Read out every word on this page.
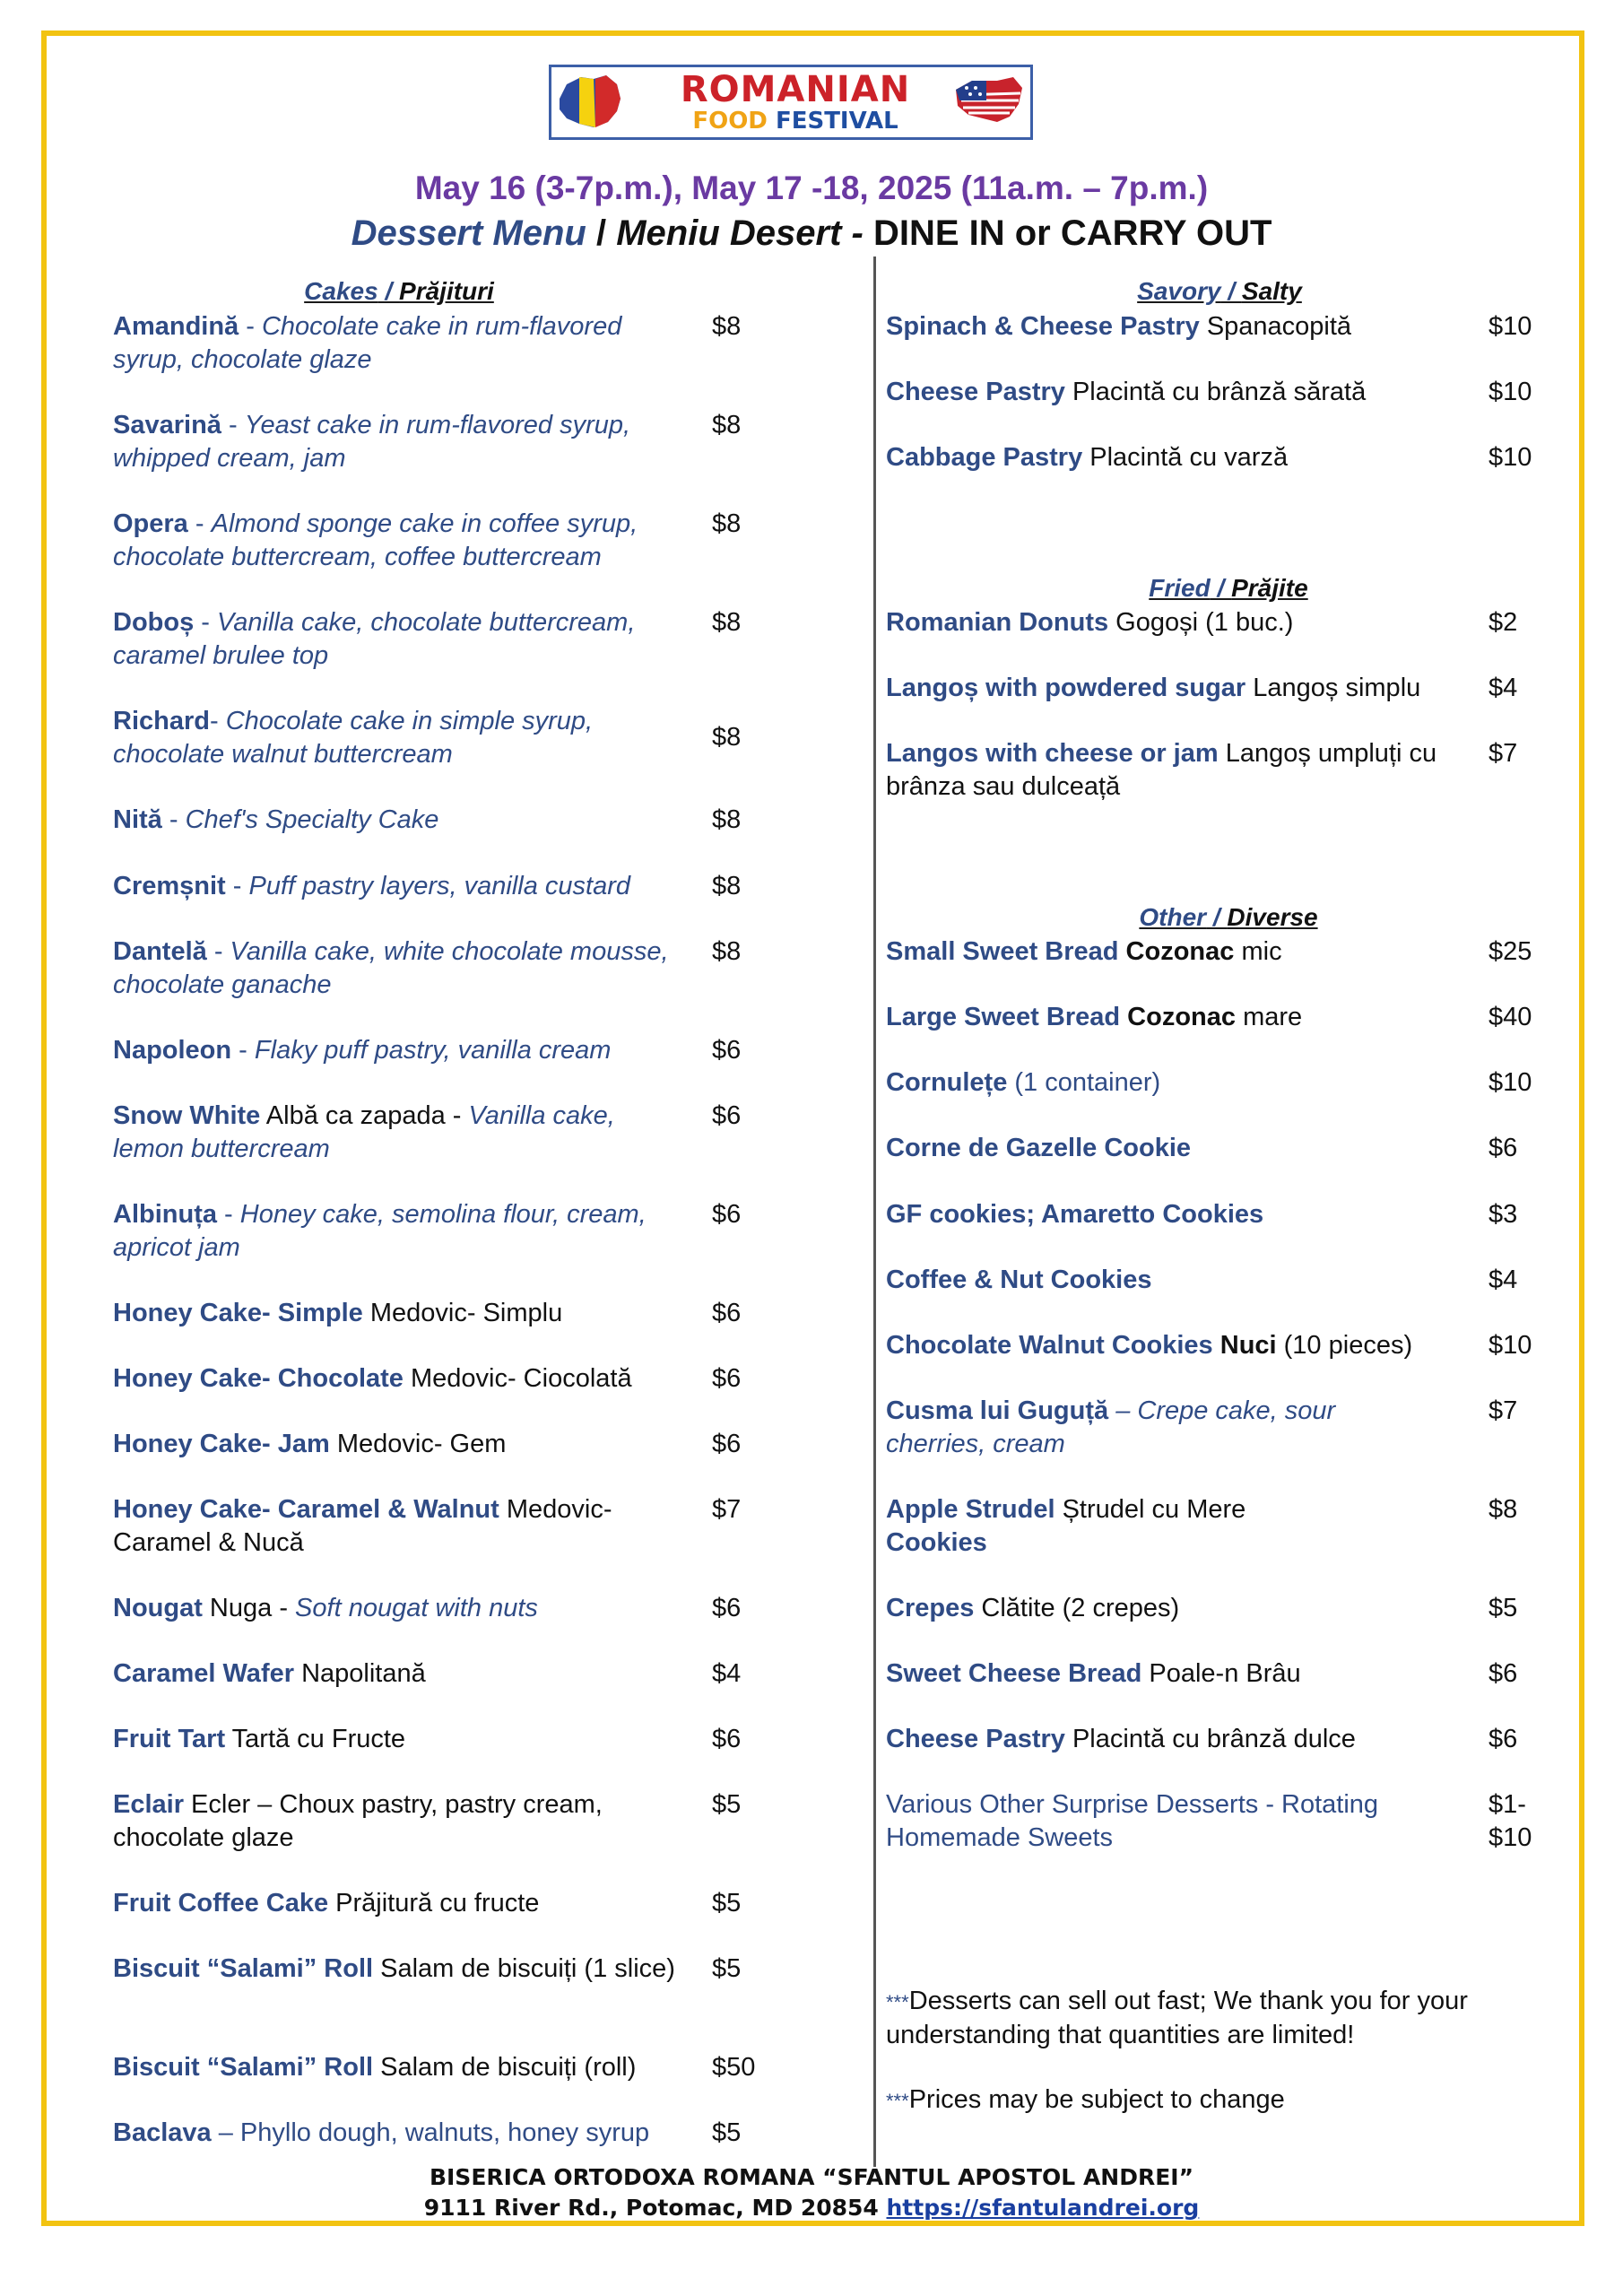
ROMANIAN
FOOD FESTIVAL
May 16 (3-7p.m.), May 17 -18, 2025 (11a.m. – 7p.m.)
Dessert Menu / Meniu Desert - DINE IN or CARRY OUT
Cakes / Prăjituri
Amandină - Chocolate cake in rum-flavored syrup, chocolate glaze
$8
Savarină - Yeast cake in rum-flavored syrup, whipped cream, jam
$8
Opera - Almond sponge cake in coffee syrup, chocolate buttercream, coffee buttercream
$8
Doboș - Vanilla cake, chocolate buttercream, caramel brulee top
$8
Richard- Chocolate cake in simple syrup, chocolate walnut buttercream
$8
Nită - Chef's Specialty Cake	$8
Cremșnit - Puff pastry layers, vanilla custard	$8
Dantelă - Vanilla cake, white chocolate mousse, chocolate ganache
$8
Napoleon - Flaky puff pastry, vanilla cream	$6
Snow White Albă ca zapada - Vanilla cake, lemon buttercream
$6
Albinuța - Honey cake, semolina flour, cream, apricot jam
$6
Honey Cake- Simple Medovic- Simplu	$6
Honey Cake- Chocolate Medovic- Ciocolată	$6
Honey Cake- Jam Medovic- Gem	$6
Honey Cake- Caramel & Walnut Medovic- Caramel & Nucă
$7
Nougat Nuga - Soft nougat with nuts	$6
Caramel Wafer Napolitană	$4
Fruit Tart Tartă cu Fructe	$6
Eclair Ecler – Choux pastry, pastry cream, chocolate glaze
$5
Fruit Coffee Cake Prăjitură cu fructe	$5
Biscuit “Salami” Roll Salam de biscuiți (1 slice)	$5
Biscuit “Salami” Roll Salam de biscuiți (roll)	$50
Baclava – Phyllo dough, walnuts, honey syrup	$5
Savory / Salty
Spinach & Cheese Pastry Spanacopită	$10
Cheese Pastry Placintă cu brânză sărată	$10
Cabbage Pastry Placintă cu varză	$10
Fried / Prăjite
Romanian Donuts Gogoși (1 buc.)	$2
Langoș with powdered sugar Langoș simplu	$4
Langos with cheese or jam Langoș umpluți cu brânza sau dulceață
$7
Other / Diverse
Small Sweet Bread Cozonac mic	$25
Large Sweet Bread Cozonac mare	$40
Cornulețe (1 container)	$10
Corne de Gazelle Cookie	$6
GF cookies; Amaretto Cookies	$3
Coffee & Nut Cookies	$4
Chocolate Walnut Cookies Nuci (10 pieces)	$10
Cusma lui Guguță – Crepe cake, sour cherries, cream
$7
Apple Strudel Ștrudel cu Mere
Cookies
$8
Crepes Clătite (2 crepes)	$5
Sweet Cheese Bread Poale-n Brâu	$6
Cheese Pastry Placintă cu brânză dulce	$6
Various Other Surprise Desserts - Rotating Homemade Sweets
$1-
$10
***Desserts can sell out fast; We thank you for your understanding that quantities are limited!
***Prices may be subject to change
BISERICA ORTODOXA ROMANA “SFANTUL APOSTOL ANDREI”
9111 River Rd., Potomac, MD 20854 https://sfantulandrei.org
